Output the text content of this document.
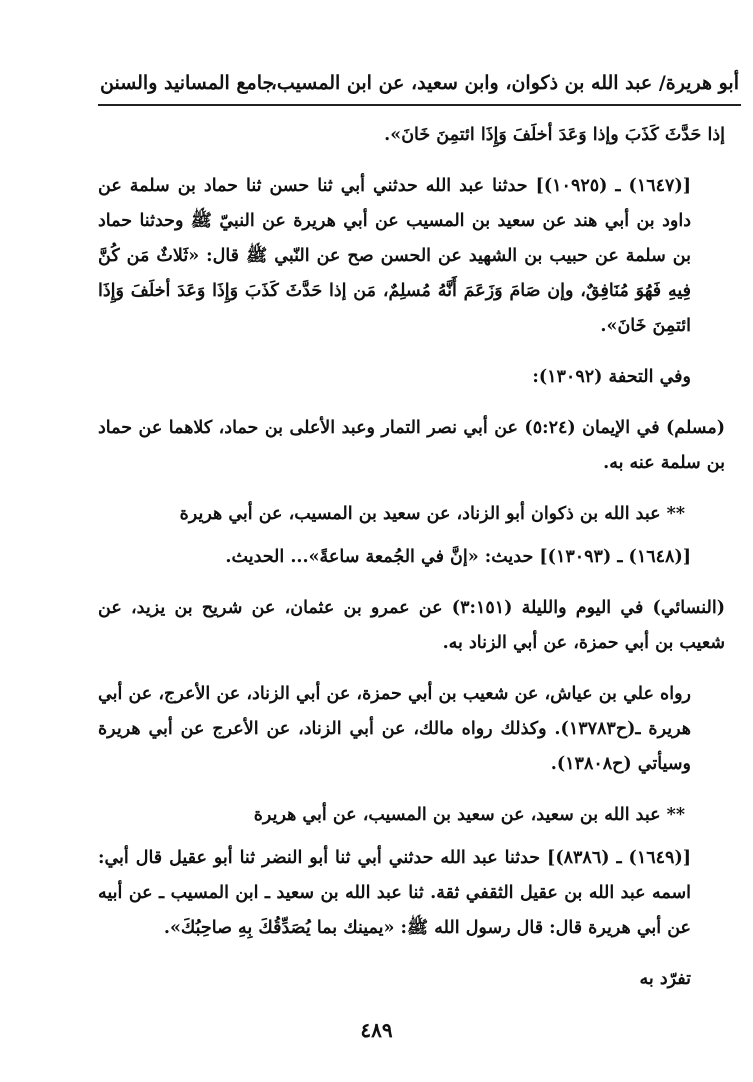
أبو هريرة/ عبد الله بن ذكوان، وابن سعيد، عن ابن المسيب،
جامع المسانيد والسنن

إذا حَدَّثَ كَذَبَ وإذا وَعَدَ أخلَفَ وَإِذَا ائتمِنَ خَانَ».

[(١٦٤٧) ـ (١٠٩٢٥)] حدثنا عبد الله حدثني أبي ثنا حسن ثنا حماد بن سلمة عن داود بن أبي هند عن سعيد بن المسيب عن أبي هريرة عن النبيّ ﷺ وحدثنا حماد بن سلمة عن حبيب بن الشهيد عن الحسن صح عن النّبي ﷺ قال: «ثَلاثٌ مَن كُنَّ فِيهِ فَهُوَ مُنَافِقٌ، وإن صَامَ وَزَعَمَ أَنَّهُ مُسلِمٌ، مَن إذا حَدَّثَ كَذَبَ وَإِذَا وَعَدَ أخلَفَ وَإِذَا ائتمِنَ خَانَ».

وفي التحفة (١٣٠٩٢):

(مسلم) في الإيمان (٥:٢٤) عن أبي نصر التمار وعبد الأعلى بن حماد، كلاهما عن حماد بن سلمة عنه به.

** عبد الله بن ذكوان أبو الزناد، عن سعيد بن المسيب، عن أبي هريرة

[(١٦٤٨) ـ (١٣٠٩٣)] حديث: «إنَّ في الجُمعة ساعةً»... الحديث.

(النسائي) في اليوم والليلة (٣:١٥١) عن عمرو بن عثمان، عن شريح بن يزيد، عن شعيب بن أبي حمزة، عن أبي الزناد به.

رواه علي بن عياش، عن شعيب بن أبي حمزة، عن أبي الزناد، عن الأعرج، عن أبي هريرة ـ(ح١٣٧٨٣). وكذلك رواه مالك، عن أبي الزناد، عن الأعرج عن أبي هريرة وسيأتي (ح١٣٨٠٨).

** عبد الله بن سعيد، عن سعيد بن المسيب، عن أبي هريرة

[(١٦٤٩) ـ (٨٣٨٦)] حدثنا عبد الله حدثني أبي ثنا أبو النضر ثنا أبو عقيل قال أبي: اسمه عبد الله بن عقيل الثقفي ثقة. ثنا عبد الله بن سعيد ـ ابن المسيب ـ عن أبيه عن أبي هريرة قال: قال رسول الله ﷺ: «يمينك بما يُصَدِّقُكَ بِهِ صاحِبُكَ».

تفرّد به

٤٨٩
